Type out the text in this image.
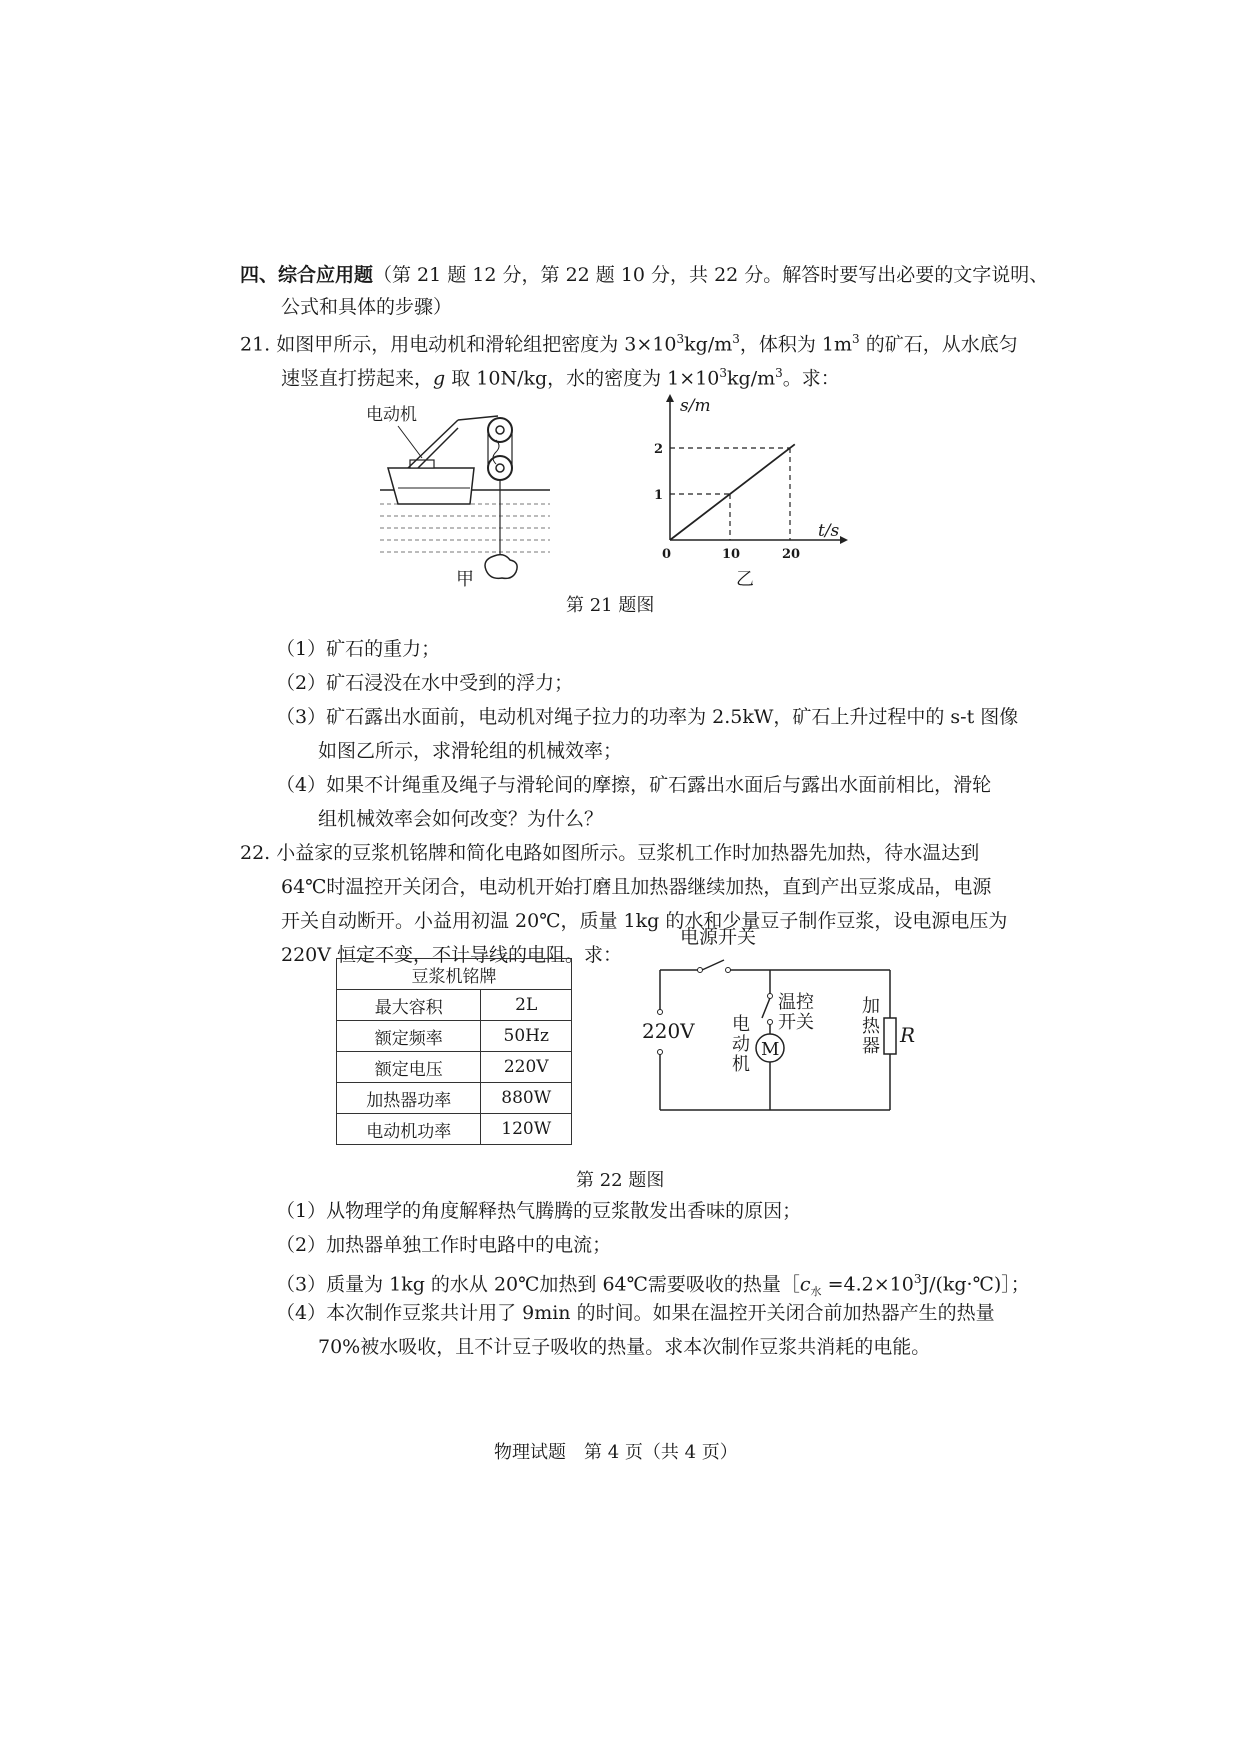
四、综合应用题（第 21 题 12 分，第 22 题 10 分，共 22 分。解答时要写出必要的文字说明、
公式和具体的步骤）
21. 如图甲所示，用电动机和滑轮组把密度为 $3\times 10^3kg/m^3$，体积为 $1m^3$ 的矿石，从水底匀
速竖直打捞起来，g 取 10N/kg，水的密度为 $1\times 10^3kg/m^3$。求：
电动机
甲
10	20
1
2
s/m
t/s
0
乙
第 21 题图
（1）矿石的重力；
（2）矿石浸没在水中受到的浮力；
（3）矿石露出水面前，电动机对绳子拉力的功率为 2.5kW，矿石上升过程中的 s-t 图像
如图乙所示，求滑轮组的机械效率；
（4）如果不计绳重及绳子与滑轮间的摩擦，矿石露出水面后与露出水面前相比，滑轮
组机械效率会如何改变？为什么？
22. 小益家的豆浆机铭牌和简化电路如图所示。豆浆机工作时加热器先加热，待水温达到
64℃时温控开关闭合，电动机开始打磨且加热器继续加热，直到产出豆浆成品，电源
开关自动断开。小益用初温 20℃，质量 1kg 的水和少量豆子制作豆浆，设电源电压为
220V 恒定不变，不计导线的电阻。求：
豆浆机铭牌	
最大容积	2L
额定频率	50Hz
额定电压	220V
加热器功率	880W
电动机功率	120W
220V
M
温控
开关
电
动
机
加
热
器 R
电源开关
第 22 题图
（1）从物理学的角度解释热气腾腾的豆浆散发出香味的原因；
（2）加热器单独工作时电路中的电流；
（3）质量为 1kg 的水从 20℃加热到 64℃需要吸收的热量$[c_水$ $=4.2\times 10^3J/(kg\cdot℃)]$；
（4）本次制作豆浆共计用了 9min 的时间。如果在温控开关闭合前加热器产生的热量
70%被水吸收，且不计豆子吸收的热量。求本次制作豆浆共消耗的电能。
物理试题　第 4 页（共 4 页）
